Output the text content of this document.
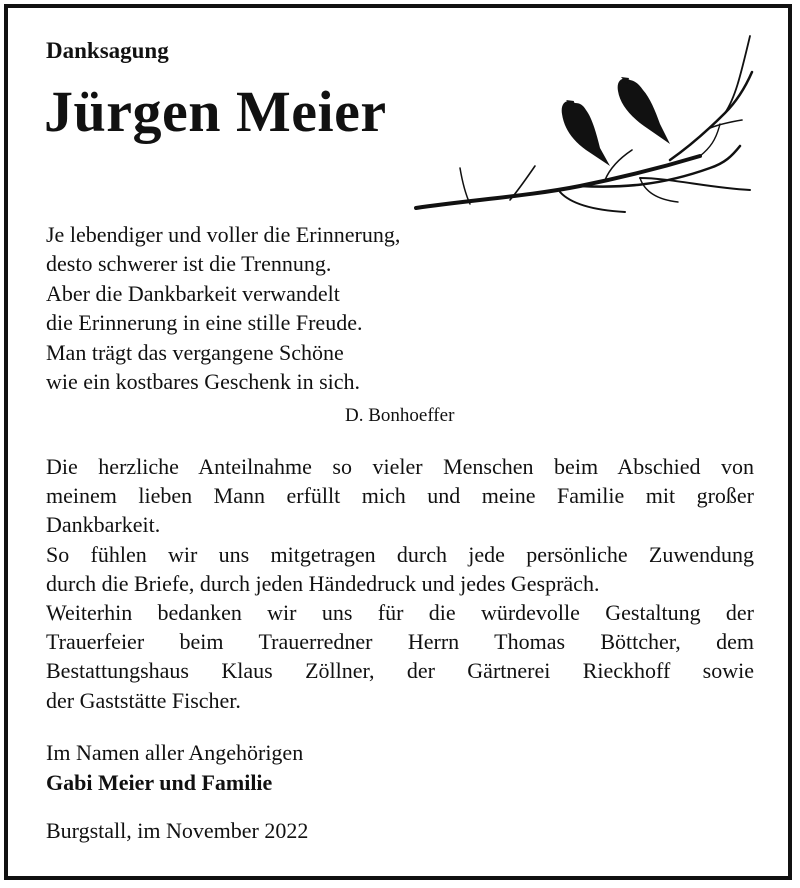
Danksagung
Jürgen Meier
Je lebendiger und voller die Erinnerung,
desto schwerer ist die Trennung.
Aber die Dankbarkeit verwandelt
die Erinnerung in eine stille Freude.
Man trägt das vergangene Schöne
wie ein kostbares Geschenk in sich.
D. Bonhoeffer
Die herzliche Anteilnahme so vieler Menschen beim Abschied von
meinem lieben Mann erfüllt mich und meine Familie mit großer
Dankbarkeit.
So fühlen wir uns mitgetragen durch jede persönliche Zuwendung
durch die Briefe, durch jeden Händedruck und jedes Gespräch.
Weiterhin bedanken wir uns für die würdevolle Gestaltung der
Trauerfeier beim Trauerredner Herrn Thomas Böttcher, dem
Bestattungshaus Klaus Zöllner, der Gärtnerei Rieckhoff sowie
der Gaststätte Fischer.
Im Namen aller Angehörigen
Gabi Meier und Familie
Burgstall, im November 2022
